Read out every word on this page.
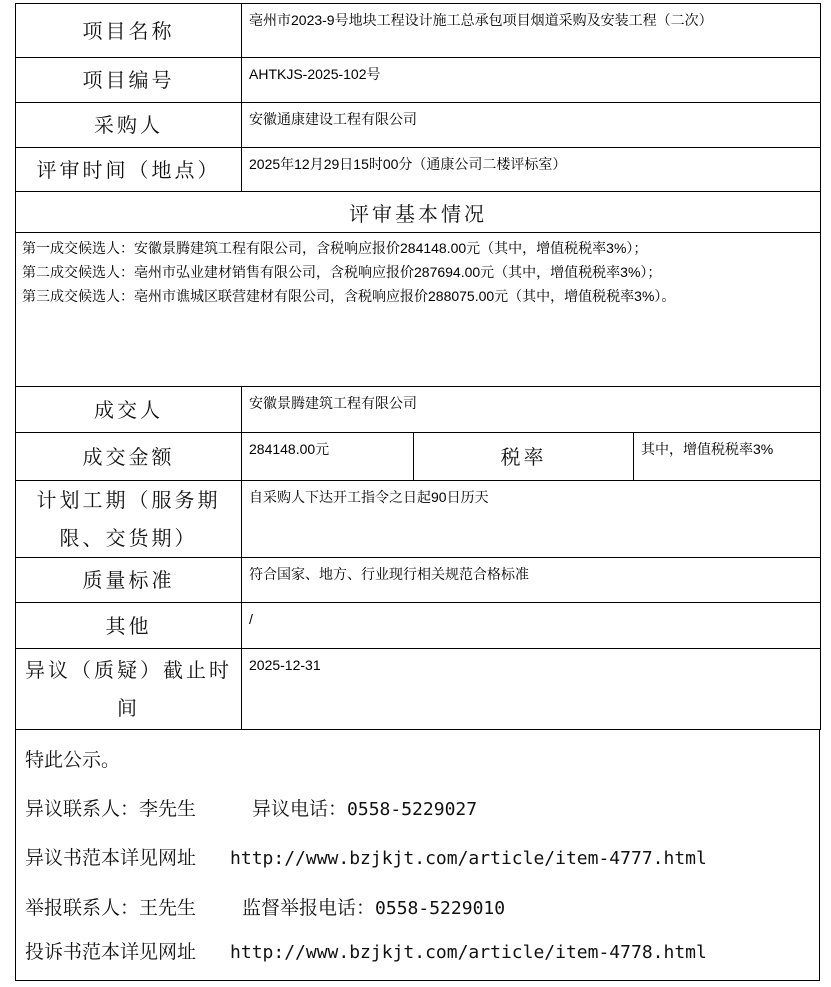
项目名称	亳州市2023-9号地块工程设计施工总承包项目烟道采购及安装工程（二次）		
项目编号	AHTKJS-2025-102号		
采购人	安徽通康建设工程有限公司		
评审时间（地点）	2025年12月29日15时00分（通康公司二楼评标室）		
评审基本情况			

第一成交候选人：安徽景腾建筑工程有限公司，含税响应报价284148.00元（其中，增值税税率3%）；
第二成交候选人：亳州市弘业建材销售有限公司，含税响应报价287694.00元（其中，增值税税率3%）；
第三成交候选人：亳州市谯城区联营建材有限公司，含税响应报价288075.00元（其中，增值税税率3%）。			

成交人	安徽景腾建筑工程有限公司		
成交金额	284148.00元	税率	其中，增值税税率3%

计划工期（服务期
限、交货期）	自采购人下达开工指令之日起90日历天		
质量标准	符合国家、地方、行业现行相关规范合格标准		
其他	/		

异议（质疑）截止时
间	2025-12-31		
特此公示。
异议联系人：李先生	异议电话：0558-5229027
异议书范本详见网址 http://www.bzjkjt.com/article/item-4777.html
举报联系人：王先生 监督举报电话：0558-5229010
投诉书范本详见网址 http://www.bzjkjt.com/article/item-4778.html
